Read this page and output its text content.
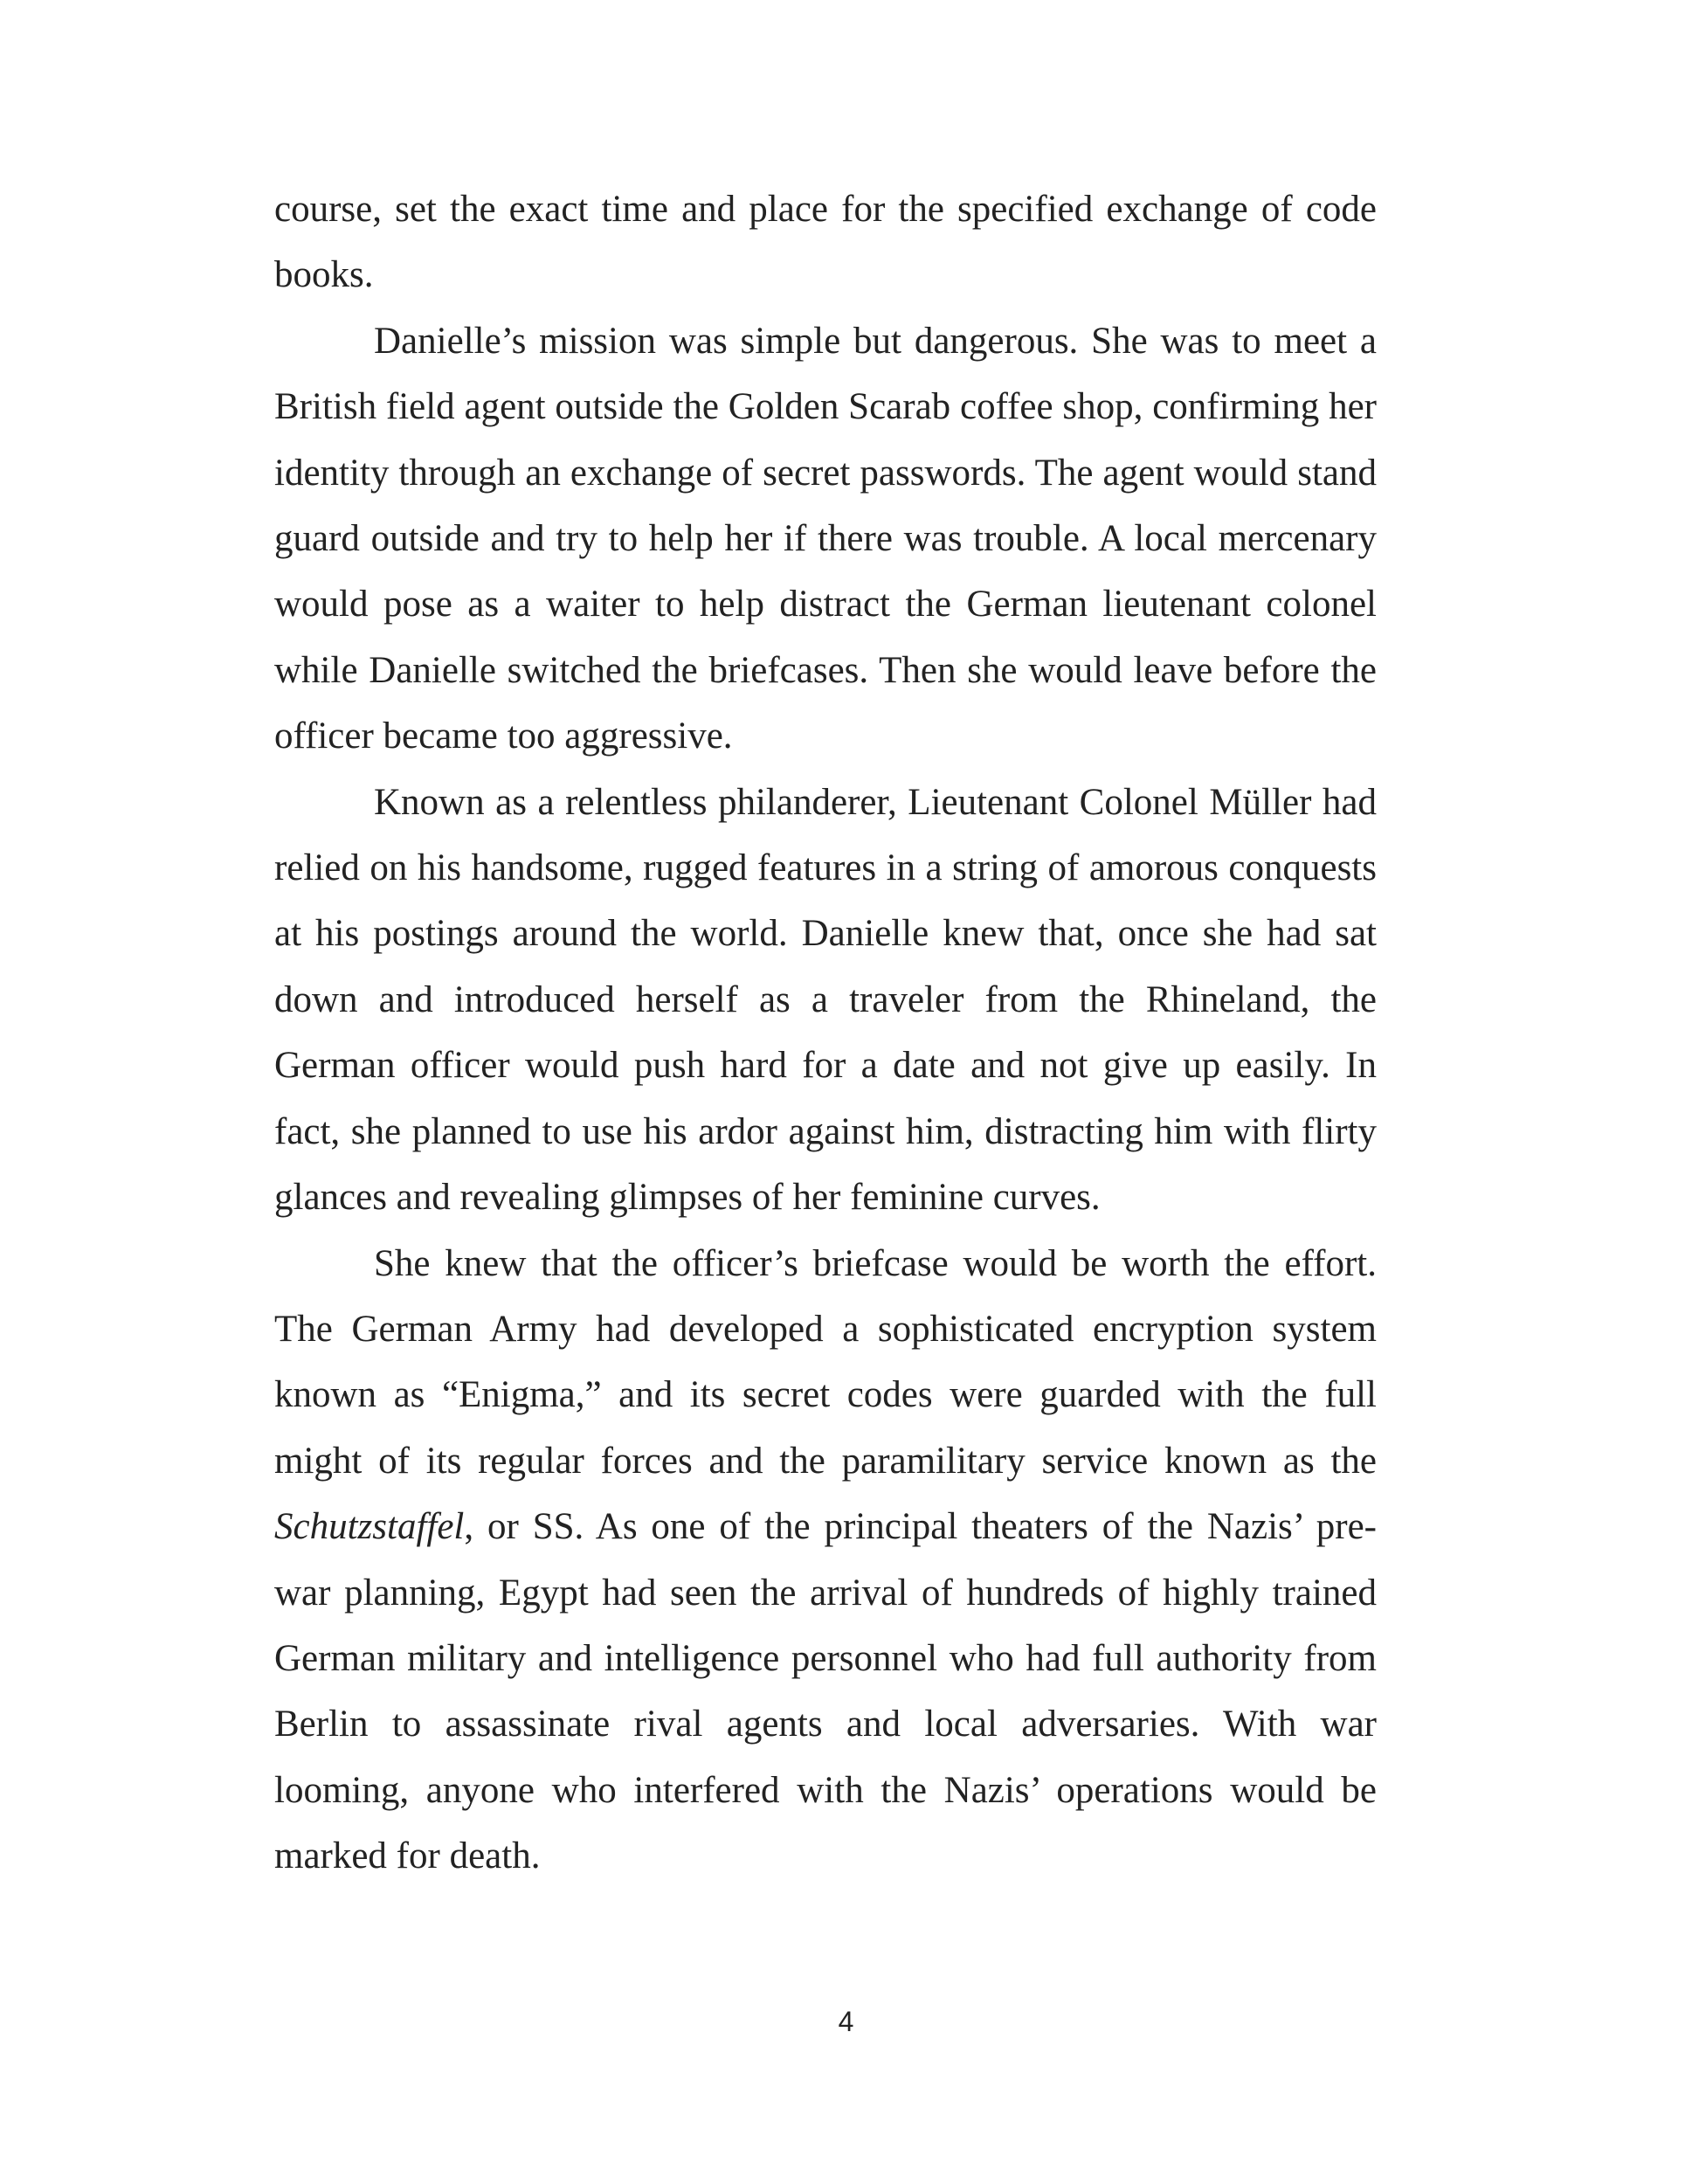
course, set the exact time and place for the specified exchange of code books.

Danielle’s mission was simple but dangerous. She was to meet a British field agent outside the Golden Scarab coffee shop, confirming her identity through an exchange of secret passwords. The agent would stand guard outside and try to help her if there was trouble. A local mercenary would pose as a waiter to help distract the German lieutenant colonel while Danielle switched the briefcases. Then she would leave before the officer became too aggressive.

Known as a relentless philanderer, Lieutenant Colonel Müller had relied on his handsome, rugged features in a string of amorous conquests at his postings around the world. Danielle knew that, once she had sat down and introduced herself as a traveler from the Rhineland, the German officer would push hard for a date and not give up easily. In fact, she planned to use his ardor against him, distracting him with flirty glances and revealing glimpses of her feminine curves.

She knew that the officer’s briefcase would be worth the effort. The German Army had developed a sophisticated encryption system known as “Enigma,” and its secret codes were guarded with the full might of its regular forces and the paramilitary service known as the Schutzstaffel, or SS. As one of the principal theaters of the Nazis’ pre-war planning, Egypt had seen the arrival of hundreds of highly trained German military and intelligence personnel who had full authority from Berlin to assassinate rival agents and local adversaries. With war looming, anyone who interfered with the Nazis’ operations would be marked for death.

4
